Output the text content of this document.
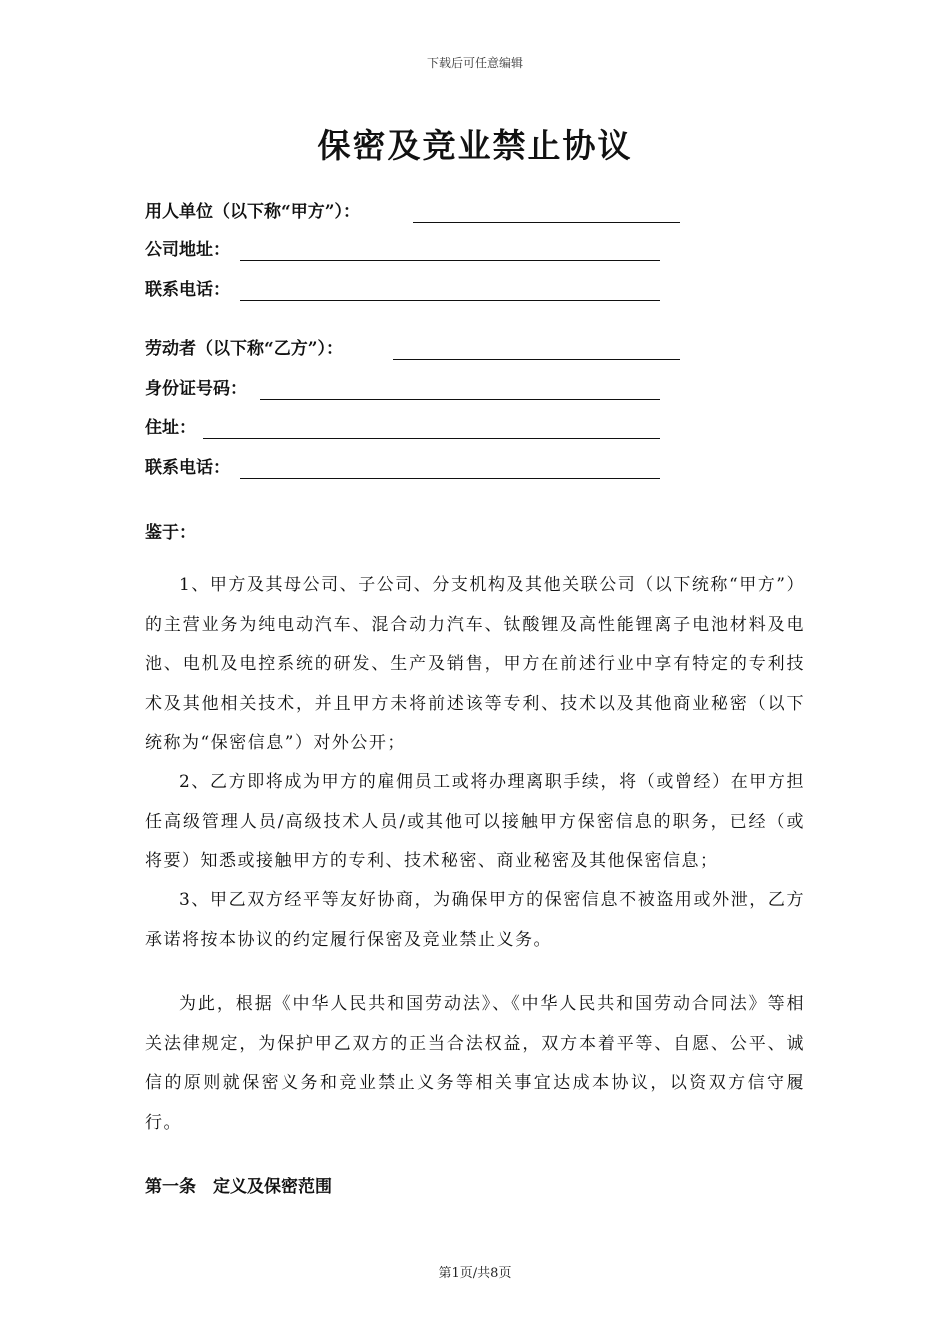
下载后可任意编辑
保密及竞业禁止协议
用人单位（以下称“甲方”）：
公司地址：
联系电话：
劳动者（以下称“乙方”）：
身份证号码：
住址：
联系电话：
鉴于：

1、甲方及其母公司、子公司、分支机构及其他关联公司（以下统称“甲方”）的主营业务为纯电动汽车、混合动力汽车、钛酸锂及高性能锂离子电池材料及电池、电机及电控系统的研发、生产及销售，甲方在前述行业中享有特定的专利技术及其他相关技术，并且甲方未将前述该等专利、技术以及其他商业秘密（以下统称为“保密信息”）对外公开；

2、乙方即将成为甲方的雇佣员工或将办理离职手续，将（或曾经）在甲方担任高级管理人员/高级技术人员/或其他可以接触甲方保密信息的职务，已经（或将要）知悉或接触甲方的专利、技术秘密、商业秘密及其他保密信息；

3、甲乙双方经平等友好协商，为确保甲方的保密信息不被盗用或外泄，乙方承诺将按本协议的约定履行保密及竞业禁止义务。

为此，根据《中华人民共和国劳动法》、《中华人民共和国劳动合同法》等相关法律规定，为保护甲乙双方的正当合法权益，双方本着平等、自愿、公平、诚信的原则就保密义务和竞业禁止义务等相关事宜达成本协议，以资双方信守履行。

第一条　定义及保密范围
第1页/共8页
